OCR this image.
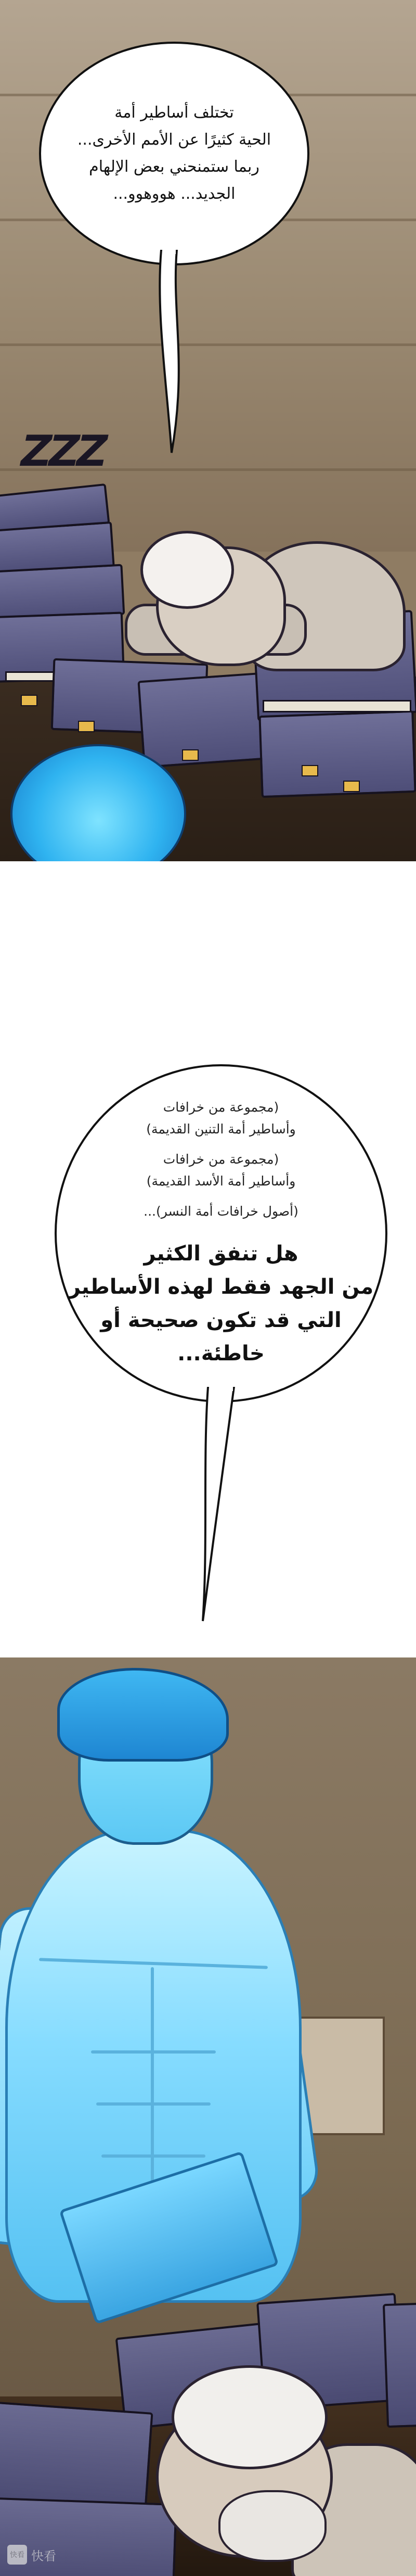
ZZZ
تختلف أساطير أمة
الحية كثيرًا عن الأمم الأخرى...
ربما ستمنحني بعض الإلهام
الجديد... هووهوو...
(مجموعة من خرافات
وأساطير أمة التنين القديمة)
(مجموعة من خرافات
وأساطير أمة الأسد القديمة)
(أصول خرافات أمة النسر)...
هل تنفق الكثير
من الجهد فقط لهذه الأساطير
التي قد تكون صحيحة أو
خاطئة...
快看 快看
